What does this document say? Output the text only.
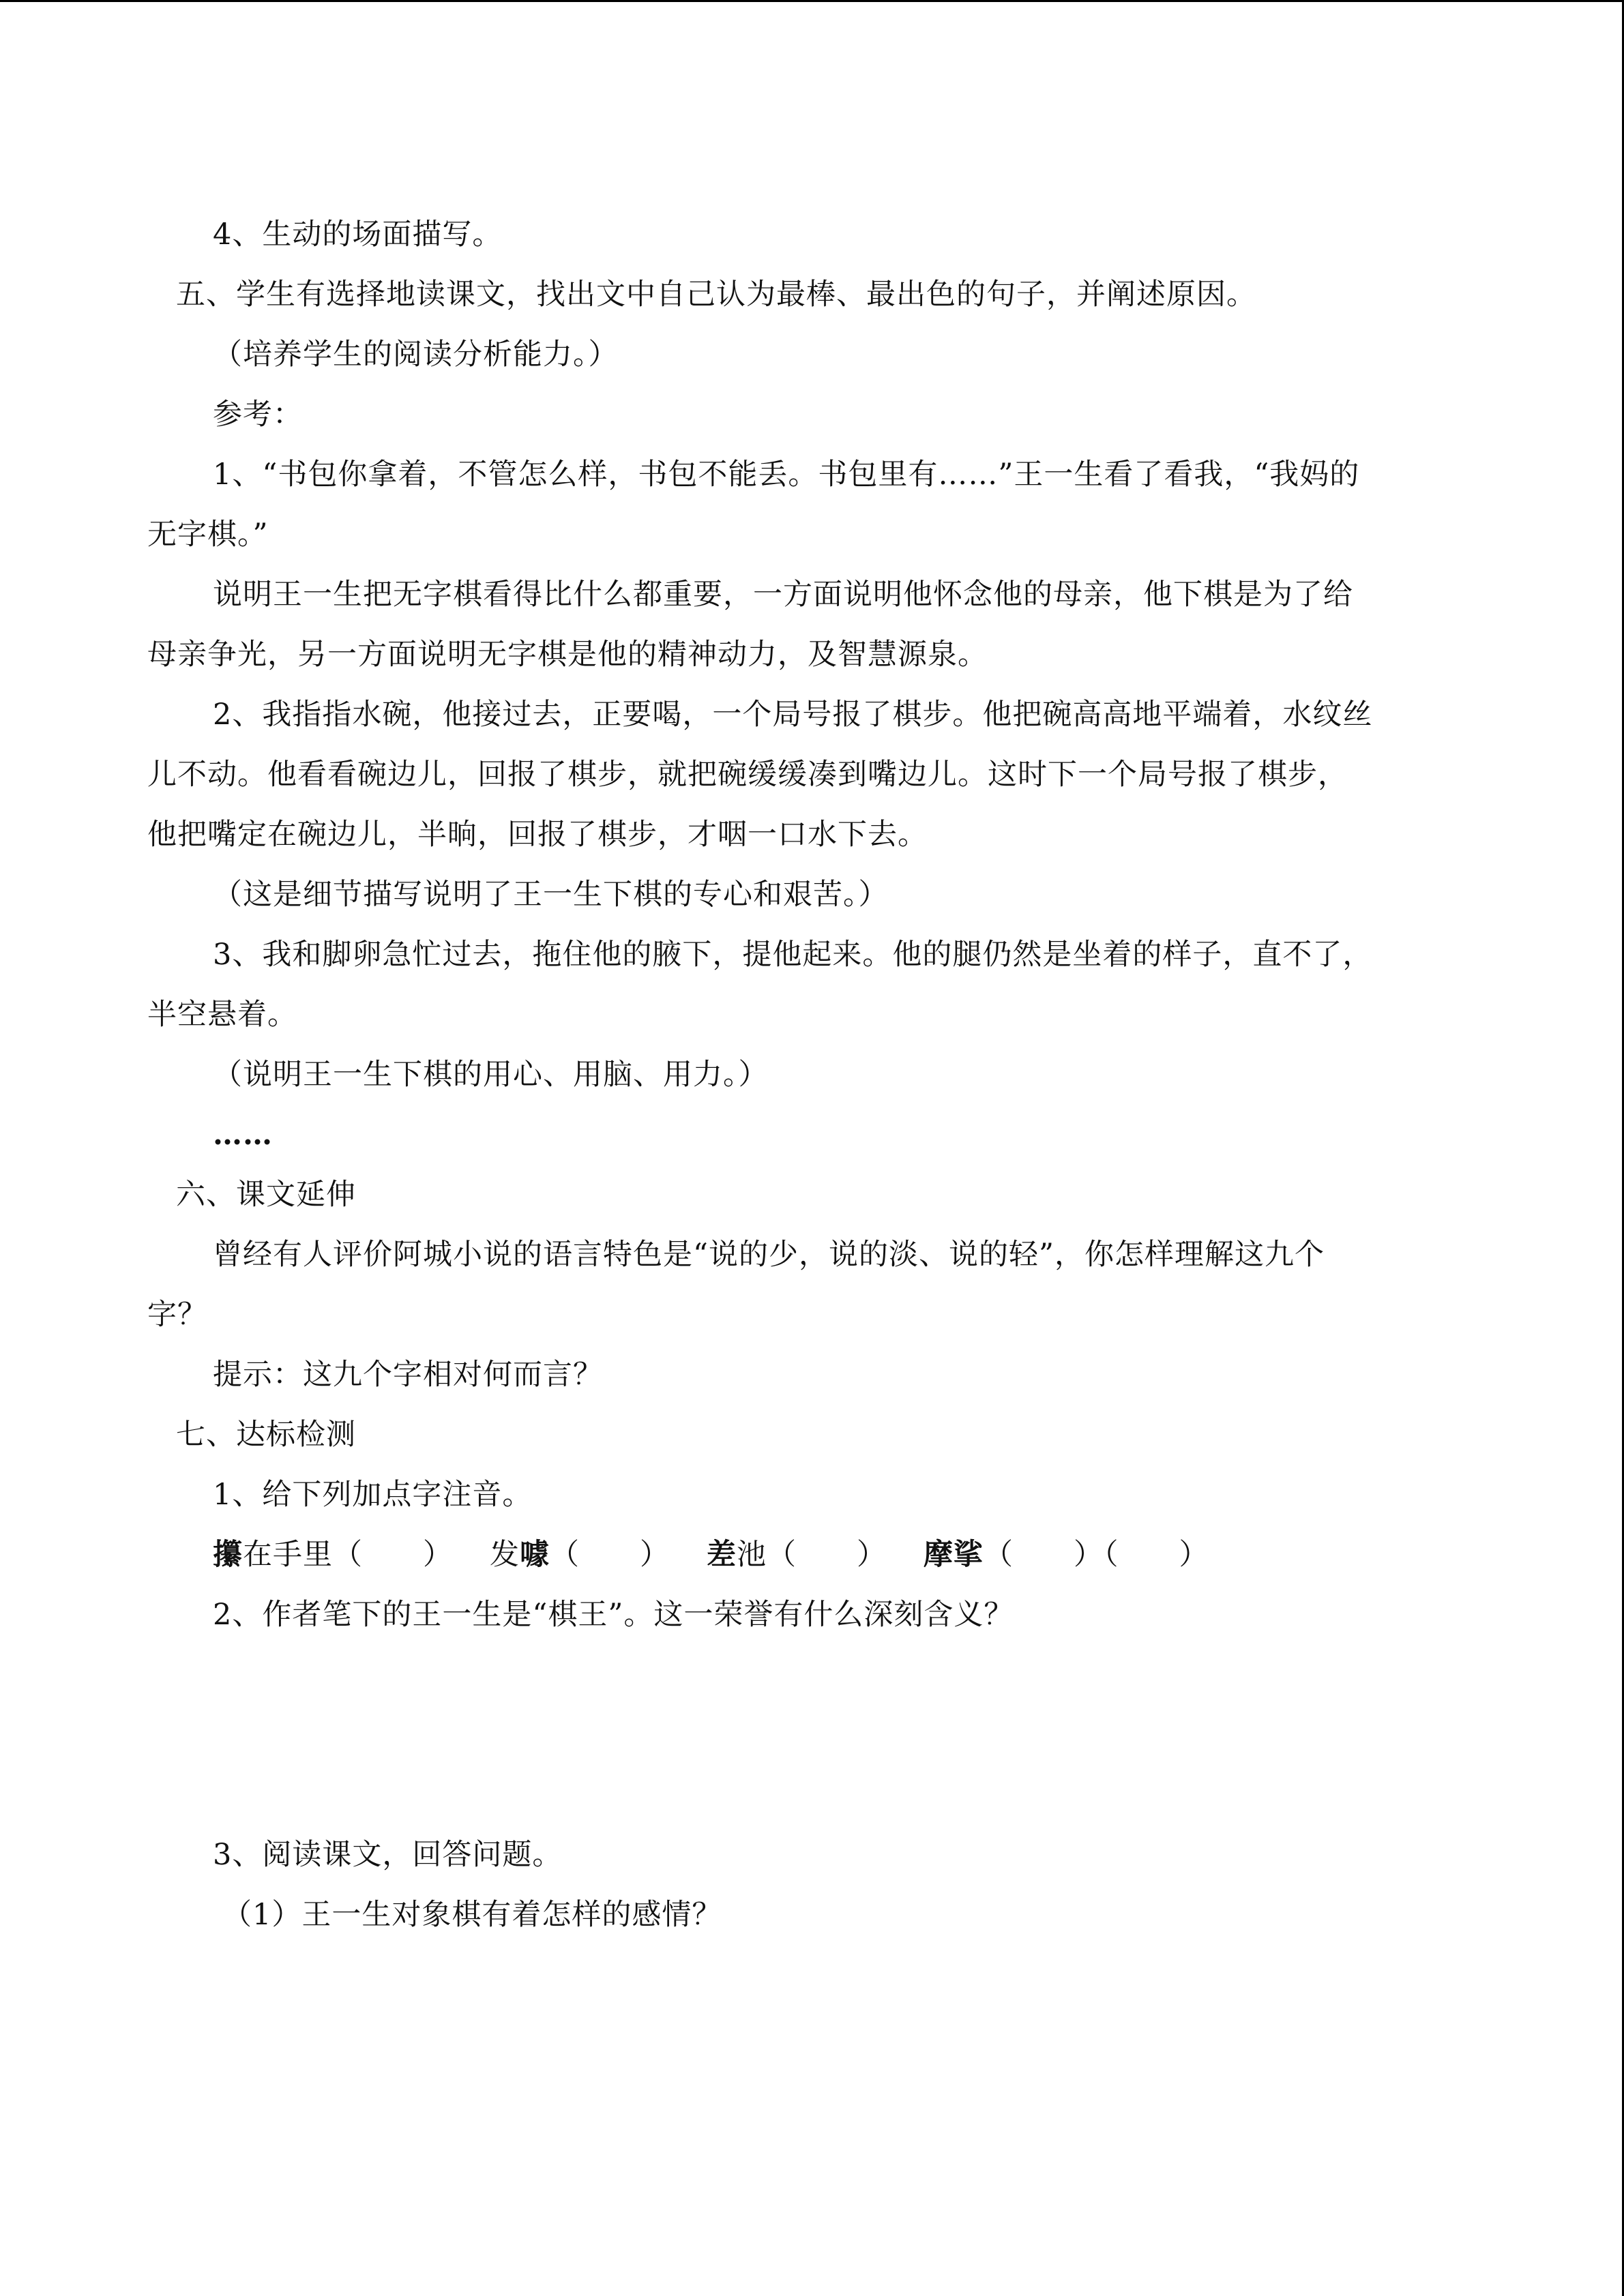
4、生动的场面描写。
五、学生有选择地读课文，找出文中自己认为最棒、最出色的句子，并阐述原因。
（培养学生的阅读分析能力。）
参考：
1、“书包你拿着，不管怎么样，书包不能丢。书包里有……”王一生看了看我，“我妈的
无字棋。”
说明王一生把无字棋看得比什么都重要，一方面说明他怀念他的母亲，他下棋是为了给
母亲争光，另一方面说明无字棋是他的精神动力，及智慧源泉。
2、我指指水碗，他接过去，正要喝，一个局号报了棋步。他把碗高高地平端着，水纹丝
儿不动。他看看碗边儿，回报了棋步，就把碗缓缓凑到嘴边儿。这时下一个局号报了棋步，
他把嘴定在碗边儿，半晌，回报了棋步，才咽一口水下去。
（这是细节描写说明了王一生下棋的专心和艰苦。）
3、我和脚卵急忙过去，拖住他的腋下，提他起来。他的腿仍然是坐着的样子，直不了，
半空悬着。
（说明王一生下棋的用心、用脑、用力。）
……
六、课文延伸
曾经有人评价阿城小说的语言特色是“说的少，说的淡、说的轻”，你怎样理解这九个
字？
提示：这九个字相对何而言？
七、达标检测
1、给下列加点字注音。
攥在手里（　　） 发噱（　　） 差池（　　） 摩挲（　　）（　　）
2、作者笔下的王一生是“棋王”。这一荣誉有什么深刻含义？
3、阅读课文，回答问题。
（1）王一生对象棋有着怎样的感情？
